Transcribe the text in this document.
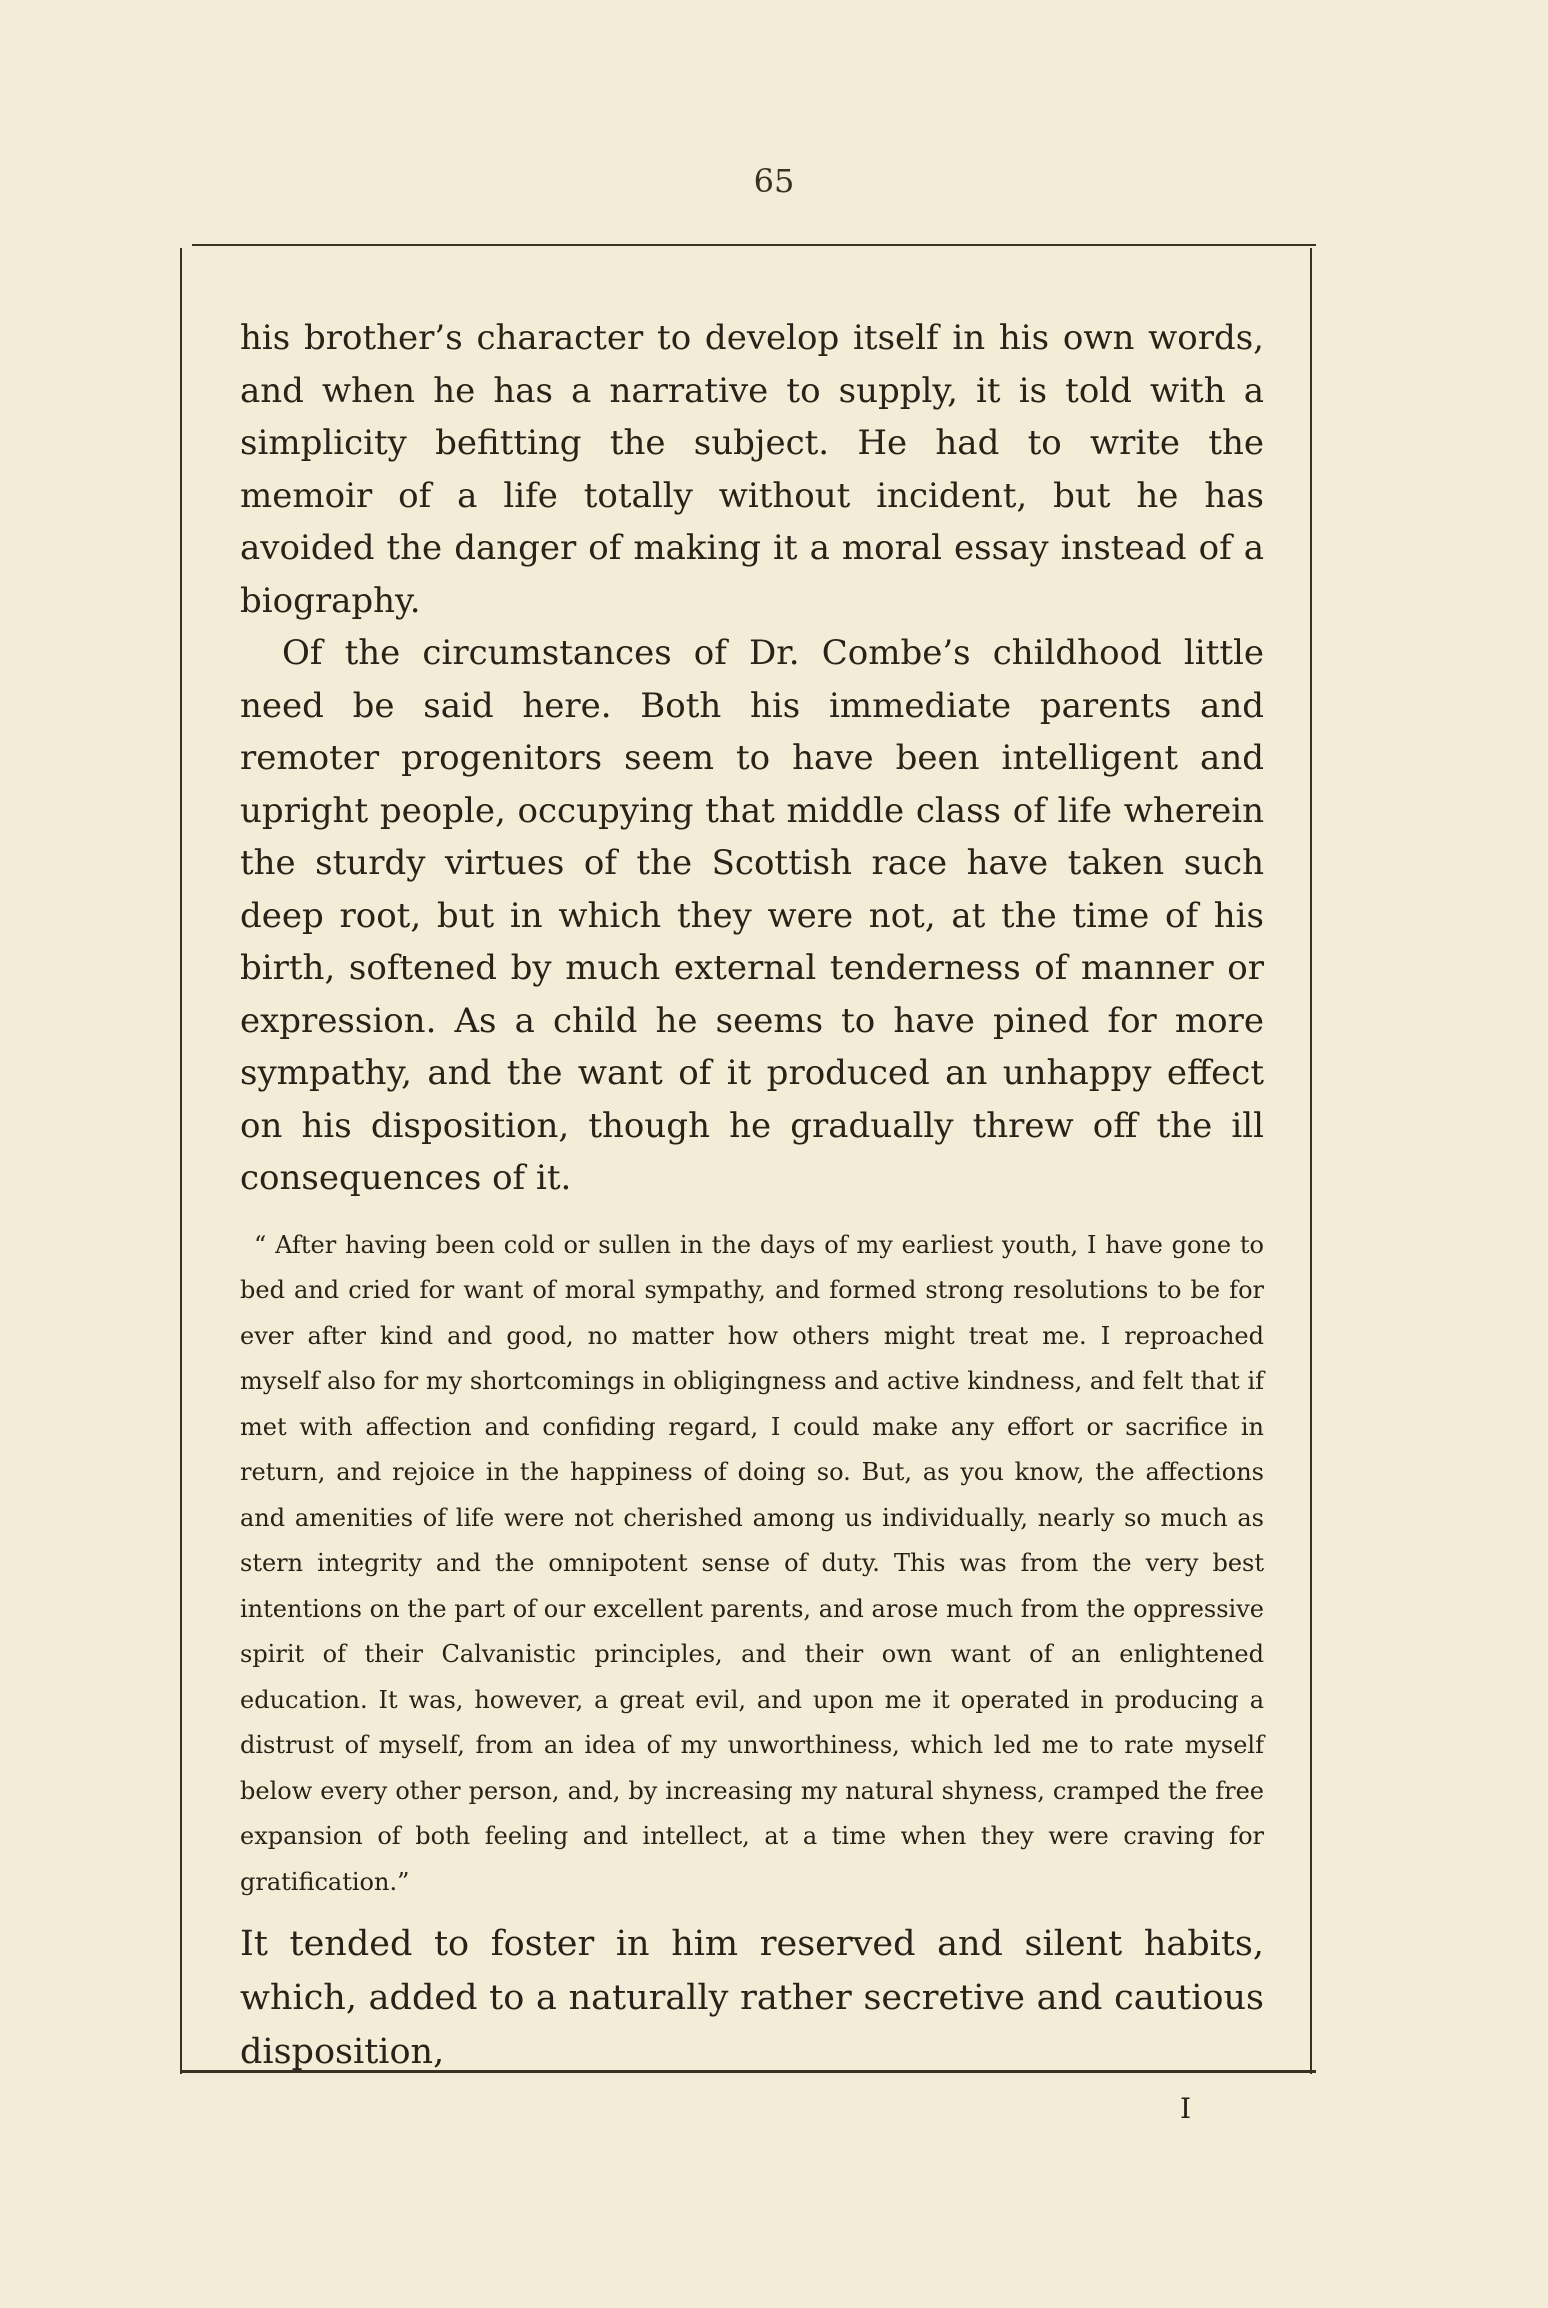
65

his brother’s character to develop itself in his own words, and when he has a narrative to supply, it is told with a simplicity befitting the subject. He had to write the memoir of a life totally without incident, but he has avoided the danger of making it a moral essay instead of a biography.

Of the circumstances of Dr. Combe’s childhood little need be said here. Both his immediate parents and remoter progenitors seem to have been intelligent and upright people, occupying that middle class of life wherein the sturdy virtues of the Scottish race have taken such deep root, but in which they were not, at the time of his birth, softened by much external tenderness of manner or expression. As a child he seems to have pined for more sympathy, and the want of it produced an unhappy effect on his disposition, though he gradually threw off the ill consequences of it.

“ After having been cold or sullen in the days of my earliest youth, I have gone to bed and cried for want of moral sympathy, and formed strong resolutions to be for ever after kind and good, no matter how others might treat me. I reproached myself also for my shortcomings in obligingness and active kindness, and felt that if met with affection and confiding regard, I could make any effort or sacrifice in return, and rejoice in the happiness of doing so. But, as you know, the affections and amenities of life were not cherished among us individually, nearly so much as stern integrity and the omnipotent sense of duty. This was from the very best intentions on the part of our excellent parents, and arose much from the oppressive spirit of their Calvanistic principles, and their own want of an enlightened education. It was, however, a great evil, and upon me it operated in producing a distrust of myself, from an idea of my unworthiness, which led me to rate myself below every other person, and, by increasing my natural shyness, cramped the free expansion of both feeling and intellect, at a time when they were craving for gratification.”

It tended to foster in him reserved and silent habits, which, added to a naturally rather secretive and cautious disposition,

I
